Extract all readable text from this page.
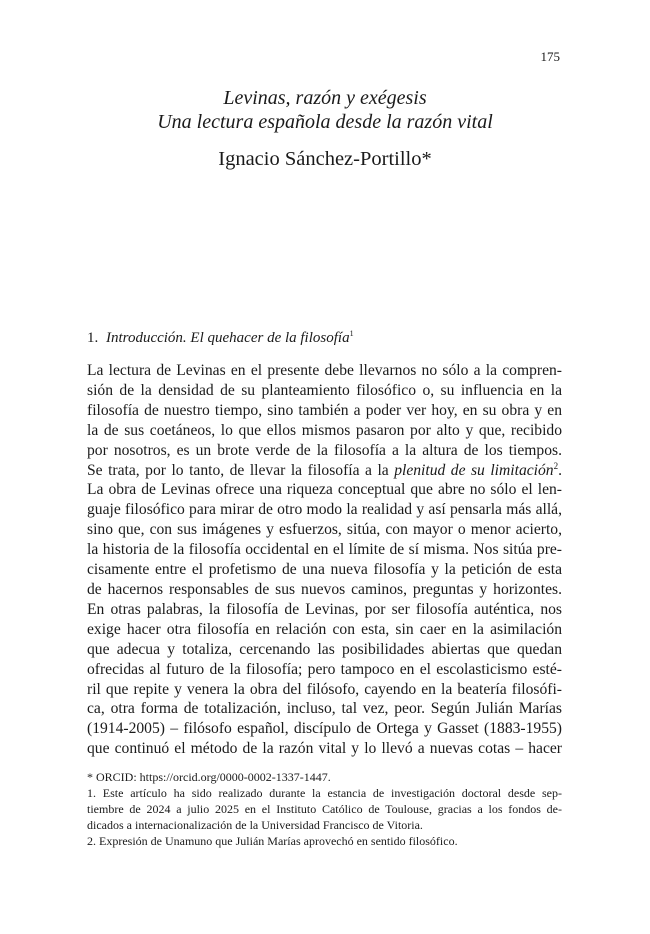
175
Levinas, razón y exégesis
Una lectura española desde la razón vital
Ignacio Sánchez-Portillo*
1. Introducción. El quehacer de la filosofía$^1$
La lectura de Levinas en el presente debe llevarnos no sólo a la compren-
sión de la densidad de su planteamiento filosófico o, su influencia en la
filosofía de nuestro tiempo, sino también a poder ver hoy, en su obra y en
la de sus coetáneos, lo que ellos mismos pasaron por alto y que, recibido
por nosotros, es un brote verde de la filosofía a la altura de los tiempos.
Se trata, por lo tanto, de llevar la filosofía a la plenitud de su limitación$^2$.
La obra de Levinas ofrece una riqueza conceptual que abre no sólo el len-
guaje filosófico para mirar de otro modo la realidad y así pensarla más allá,
sino que, con sus imágenes y esfuerzos, sitúa, con mayor o menor acierto,
la historia de la filosofía occidental en el límite de sí misma. Nos sitúa pre-
cisamente entre el profetismo de una nueva filosofía y la petición de esta
de hacernos responsables de sus nuevos caminos, preguntas y horizontes.
En otras palabras, la filosofía de Levinas, por ser filosofía auténtica, nos
exige hacer otra filosofía en relación con esta, sin caer en la asimilación
que adecua y totaliza, cercenando las posibilidades abiertas que quedan
ofrecidas al futuro de la filosofía; pero tampoco en el escolasticismo esté-
ril que repite y venera la obra del filósofo, cayendo en la beatería filosófi-
ca, otra forma de totalización, incluso, tal vez, peor. Según Julián Marías
(1914-2005) – filósofo español, discípulo de Ortega y Gasset (1883-1955)
que continuó el método de la razón vital y lo llevó a nuevas cotas – hacer
* ORCID: https://orcid.org/0000-0002-1337-1447.
1. Este artículo ha sido realizado durante la estancia de investigación doctoral desde sep-
tiembre de 2024 a julio 2025 en el Instituto Católico de Toulouse, gracias a los fondos de-
dicados a internacionalización de la Universidad Francisco de Vitoria.
2. Expresión de Unamuno que Julián Marías aprovechó en sentido filosófico.
